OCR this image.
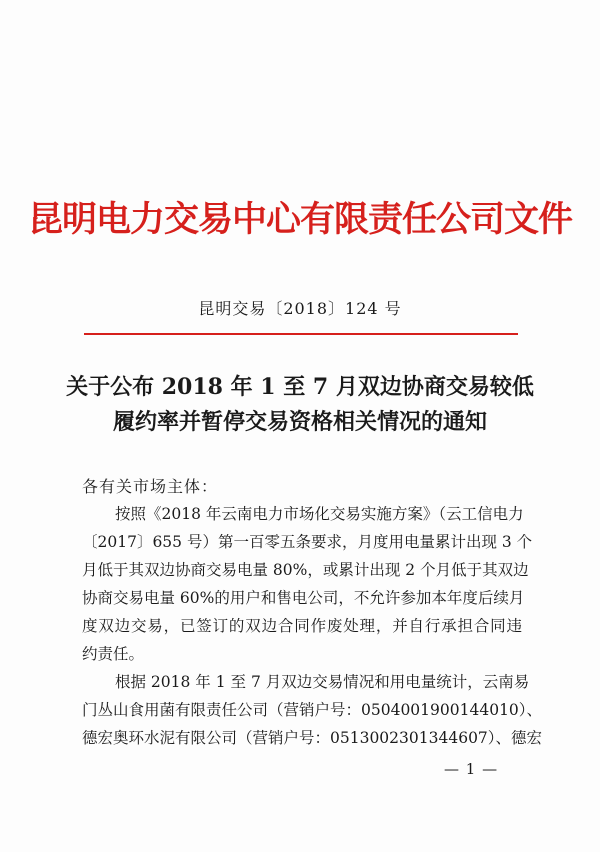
昆明电力交易中心有限责任公司文件
昆明交易〔2018〕124 号
关于公布 2018 年 1 至 7 月双边协商交易较低
履约率并暂停交易资格相关情况的通知
各有关市场主体：
按照《2018 年云南电力市场化交易实施方案》（云工信电力
〔2017〕655 号）第一百零五条要求，月度用电量累计出现 3 个
月低于其双边协商交易电量 80%，或累计出现 2 个月低于其双边
协商交易电量 60%的用户和售电公司，不允许参加本年度后续月
度双边交易，已签订的双边合同作废处理，并自行承担合同违
约责任。
根据 2018 年 1 至 7 月双边交易情况和用电量统计，云南易
门丛山食用菌有限责任公司（营销户号：0504001900144010）、
德宏奥环水泥有限公司（营销户号：0513002301344607）、德宏
— 1 —
